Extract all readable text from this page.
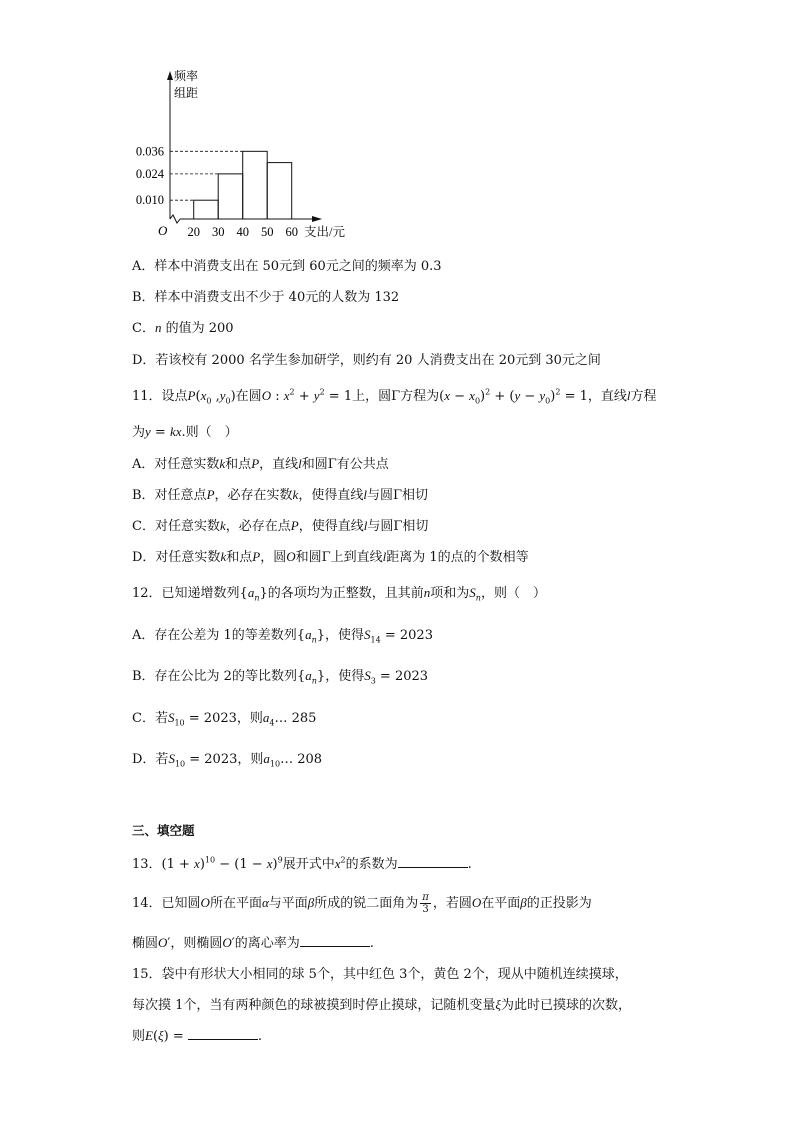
频率
组距
O	支出/元
0.010
0.024
0.036
20 30 40 50 60
A．样本中消费支出在 50元到 60元之间的频率为 0.3
B．样本中消费支出不少于 40元的人数为 132
C．n 的值为 200
D．若该校有 2000 名学生参加研学，则约有 20 人消费支出在 20元到 30元之间
11．设点$P(x_0$ $,y_0$)在圆O : $x^2 + y^2 = 1$上，圆Γ方程为$(x - x_0)^2 + (y - y_0)^2 = 1$，直线l方程
为y = kx.则（　）
A．对任意实数k和点P，直线l和圆Γ有公共点
B．对任意点P，必存在实数k，使得直线l与圆Γ相切
C．对任意实数k，必存在点P，使得直线l与圆Γ相切
D．对任意实数k和点P，圆O和圆Γ上到直线l距离为 1的点的个数相等
12．已知递增数列$\{a_n\}$的各项均为正整数，且其前n项和为$S_n$，则（　）
A．存在公差为 1的等差数列$\{a_n\}$，使得$S_{14} = 2023$
B．存在公比为 2的等比数列$\{a_n\}$，使得$S_3 = 2023$
C．若$S_{10} = 2023$，则$a_4\dots$ 285
D．若$S_{10} = 2023$，则$a_{10}\dots$ 208
三、填空题
13．$(1 + x)^{10} - (1 - x)^9$展开式中$x^2$的系数为	.
14．已知圆O所在平面α与平面β所成的锐二面角为 $\frac{\pi}{3}$ ，若圆O在平面β的正投影为
椭圆O′，则椭圆O′的离心率为	.
15．袋中有形状大小相同的球 5个，其中红色 3个，黄色 2个，现从中随机连续摸球，
每次摸 1个，当有两种颜色的球被摸到时停止摸球，记随机变量ξ为此时已摸球的次数，
则E(ξ) =	.
